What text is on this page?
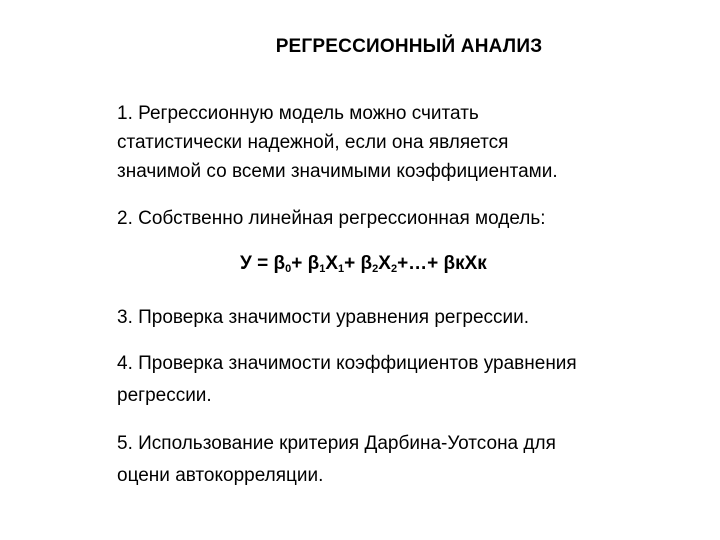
РЕГРЕССИОННЫЙ АНАЛИЗ
1. Регрессионную модель можно считать
статистически надежной, если она является
значимой со всеми значимыми коэффициентами.
2. Собственно линейная регрессионная модель:
$У = \beta_0+ \beta_1Х_1+$ $\beta_2Х_2+\dots+ \beta кХк$
3. Проверка значимости уравнения регрессии.
4. Проверка значимости коэффициентов уравнения
регрессии.
5. Использование критерия Дарбина-Уотсона для
оцени автокорреляции.
